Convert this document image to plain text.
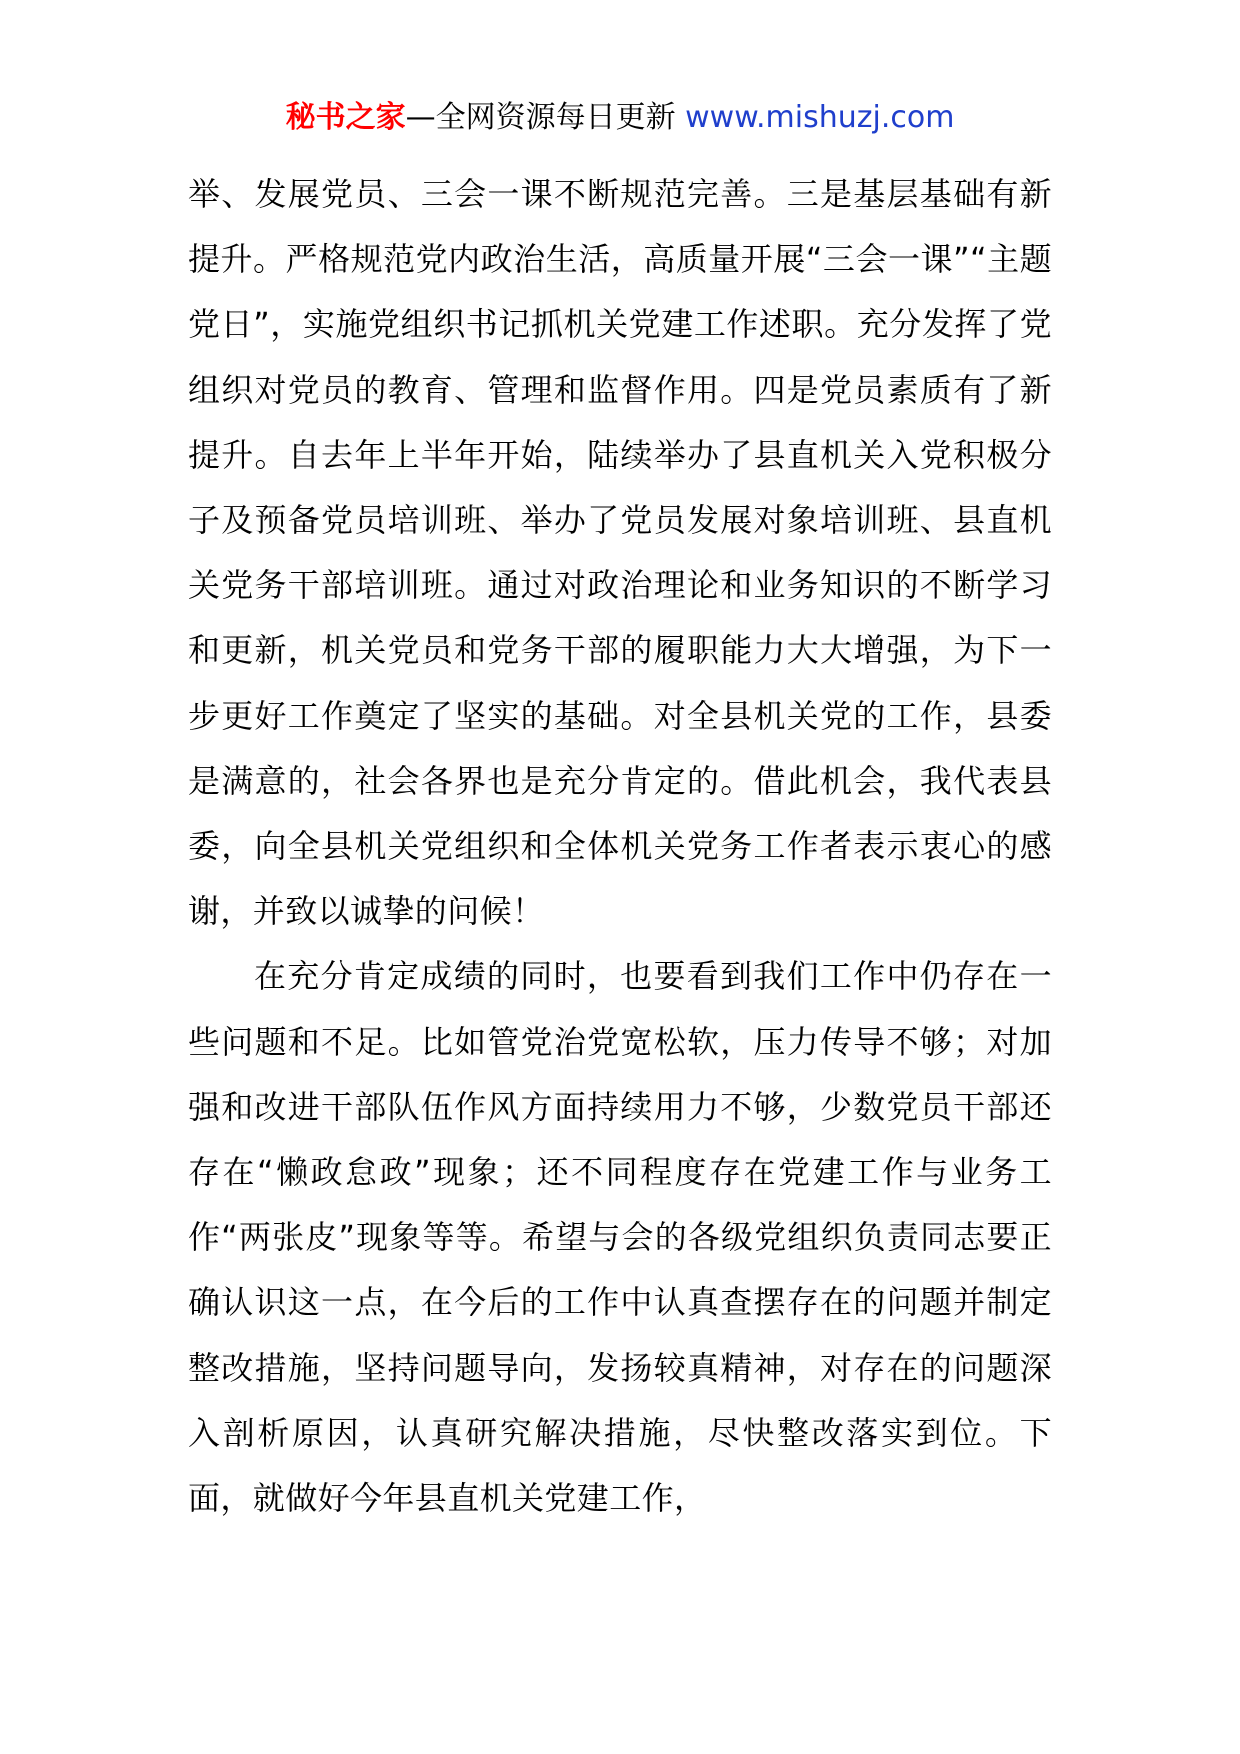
秘书之家—全网资源每日更新 www.mishuzj.com

举、发展党员、三会一课不断规范完善。三是基层基础有新提升。严格规范党内政治生活，高质量开展“三会一课”“主题党日”，实施党组织书记抓机关党建工作述职。充分发挥了党组织对党员的教育、管理和监督作用。四是党员素质有了新提升。自去年上半年开始，陆续举办了县直机关入党积极分子及预备党员培训班、举办了党员发展对象培训班、县直机关党务干部培训班。通过对政治理论和业务知识的不断学习和更新，机关党员和党务干部的履职能力大大增强，为下一步更好工作奠定了坚实的基础。对全县机关党的工作，县委是满意的，社会各界也是充分肯定的。借此机会，我代表县委，向全县机关党组织和全体机关党务工作者表示衷心的感谢，并致以诚挚的问候！

在充分肯定成绩的同时，也要看到我们工作中仍存在一些问题和不足。比如管党治党宽松软，压力传导不够；对加强和改进干部队伍作风方面持续用力不够，少数党员干部还存在“懒政怠政”现象；还不同程度存在党建工作与业务工作“两张皮”现象等等。希望与会的各级党组织负责同志要正确认识这一点，在今后的工作中认真查摆存在的问题并制定整改措施，坚持问题导向，发扬较真精神，对存在的问题深入剖析原因，认真研究解决措施，尽快整改落实到位。下面，就做好今年县直机关党建工作，
